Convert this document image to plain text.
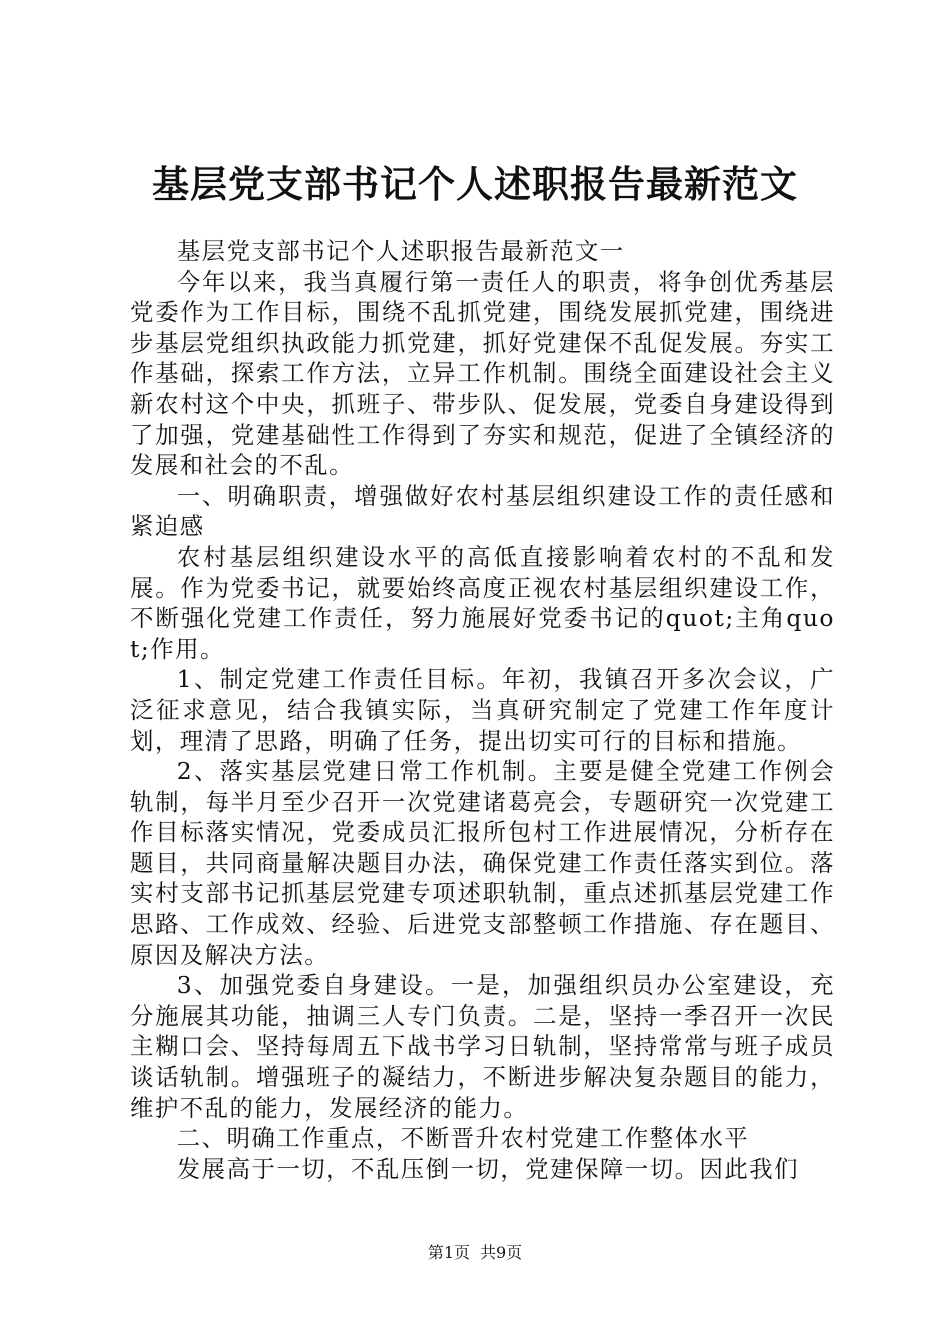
基层党支部书记个人述职报告最新范文

基层党支部书记个人述职报告最新范文一

今年以来，我当真履行第一责任人的职责，将争创优秀基层党委作为工作目标，围绕不乱抓党建，围绕发展抓党建，围绕进步基层党组织执政能力抓党建，抓好党建保不乱促发展。夯实工作基础，探索工作方法，立异工作机制。围绕全面建设社会主义新农村这个中央，抓班子、带步队、促发展，党委自身建设得到了加强，党建基础性工作得到了夯实和规范，促进了全镇经济的发展和社会的不乱。

一、明确职责，增强做好农村基层组织建设工作的责任感和紧迫感

农村基层组织建设水平的高低直接影响着农村的不乱和发展。作为党委书记，就要始终高度正视农村基层组织建设工作，不断强化党建工作责任，努力施展好党委书记的quot;主角quot;作用。

1、制定党建工作责任目标。年初，我镇召开多次会议，广泛征求意见，结合我镇实际，当真研究制定了党建工作年度计划，理清了思路，明确了任务，提出切实可行的目标和措施。

2、落实基层党建日常工作机制。主要是健全党建工作例会轨制，每半月至少召开一次党建诸葛亮会，专题研究一次党建工作目标落实情况，党委成员汇报所包村工作进展情况，分析存在题目，共同商量解决题目办法，确保党建工作责任落实到位。落实村支部书记抓基层党建专项述职轨制，重点述抓基层党建工作思路、工作成效、经验、后进党支部整顿工作措施、存在题目、原因及解决方法。

3、加强党委自身建设。一是，加强组织员办公室建设，充分施展其功能，抽调三人专门负责。二是，坚持一季召开一次民主糊口会、坚持每周五下战书学习日轨制，坚持常常与班子成员谈话轨制。增强班子的凝结力，不断进步解决复杂题目的能力，维护不乱的能力，发展经济的能力。

二、明确工作重点，不断晋升农村党建工作整体水平

发展高于一切，不乱压倒一切，党建保障一切。因此我们

第1页 共9页
